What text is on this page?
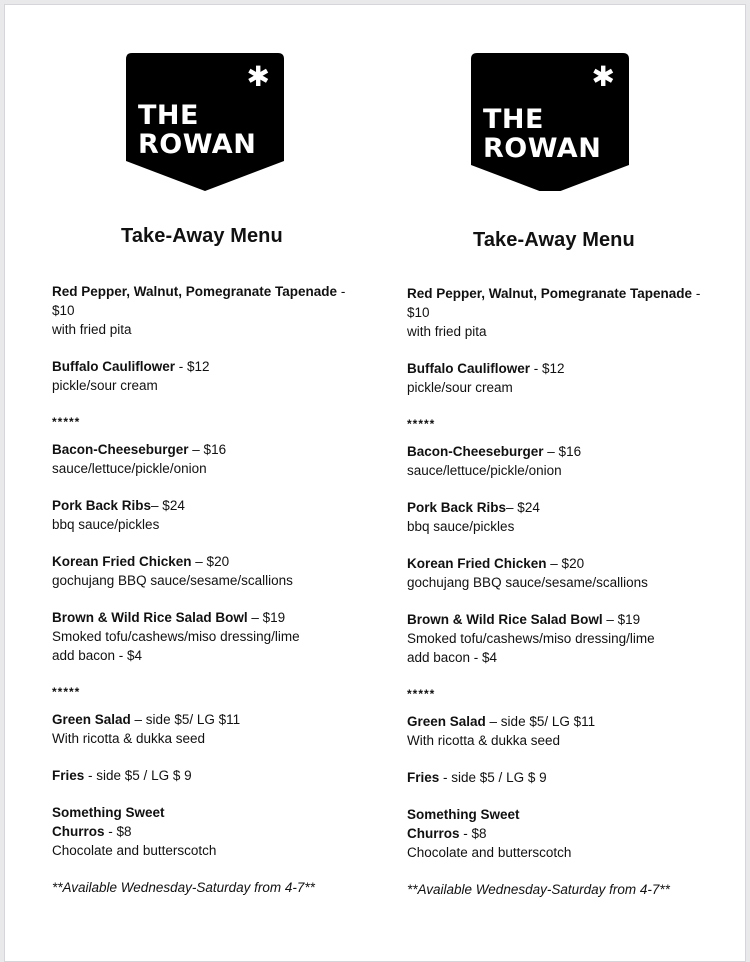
✱
THE
ROWAN
Take-Away Menu
Red Pepper, Walnut, Pomegranate Tapenade -
$10
with fried pita
Buffalo Cauliflower - $12
pickle/sour cream
*****
Bacon-Cheeseburger – $16
sauce/lettuce/pickle/onion
Pork Back Ribs– $24
bbq sauce/pickles
Korean Fried Chicken – $20
gochujang BBQ sauce/sesame/scallions
Brown & Wild Rice Salad Bowl – $19
Smoked tofu/cashews/miso dressing/lime
add bacon - $4
*****
Green Salad – side $5/ LG $11
With ricotta & dukka seed
Fries - side $5 / LG $ 9
Something Sweet
Churros - $8
Chocolate and butterscotch
**Available Wednesday-Saturday from 4-7**
✱
THE
ROWAN
Take-Away Menu
Red Pepper, Walnut, Pomegranate Tapenade -
$10
with fried pita
Buffalo Cauliflower - $12
pickle/sour cream
*****
Bacon-Cheeseburger – $16
sauce/lettuce/pickle/onion
Pork Back Ribs– $24
bbq sauce/pickles
Korean Fried Chicken – $20
gochujang BBQ sauce/sesame/scallions
Brown & Wild Rice Salad Bowl – $19
Smoked tofu/cashews/miso dressing/lime
add bacon - $4
*****
Green Salad – side $5/ LG $11
With ricotta & dukka seed
Fries - side $5 / LG $ 9
Something Sweet
Churros - $8
Chocolate and butterscotch
**Available Wednesday-Saturday from 4-7**
